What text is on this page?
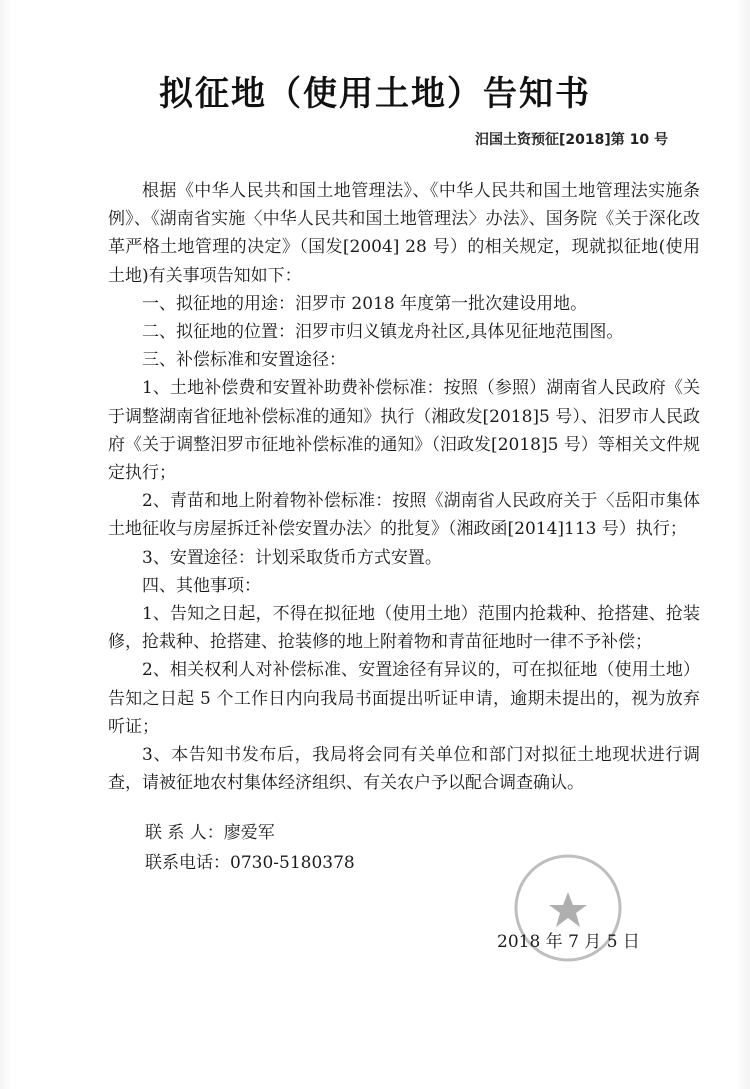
拟征地（使用土地）告知书
汨国土资预征[2018]第 10 号

根据《中华人民共和国土地管理法》、《中华人民共和国土地管理法实施条例》、《湖南省实施〈中华人民共和国土地管理法〉办法》、国务院《关于深化改革严格土地管理的决定》（国发[2004] 28 号）的相关规定，现就拟征地(使用土地)有关事项告知如下：

一、拟征地的用途：汨罗市 2018 年度第一批次建设用地。

二、拟征地的位置：汨罗市归义镇龙舟社区,具体见征地范围图。

三、补偿标准和安置途径：

1、土地补偿费和安置补助费补偿标准：按照（参照）湖南省人民政府《关于调整湖南省征地补偿标准的通知》执行（湘政发[2018]5 号）、汨罗市人民政府《关于调整汨罗市征地补偿标准的通知》（汨政发[2018]5 号）等相关文件规定执行；

2、青苗和地上附着物补偿标准：按照《湖南省人民政府关于〈岳阳市集体土地征收与房屋拆迁补偿安置办法〉的批复》（湘政函[2014]113 号）执行；

3、安置途径：计划采取货币方式安置。

四、其他事项：

1、告知之日起，不得在拟征地（使用土地）范围内抢栽种、抢搭建、抢装修，抢栽种、抢搭建、抢装修的地上附着物和青苗征地时一律不予补偿；

2、相关权利人对补偿标准、安置途径有异议的，可在拟征地（使用土地）告知之日起 5 个工作日内向我局书面提出听证申请，逾期未提出的，视为放弃听证；

3、本告知书发布后，我局将会同有关单位和部门对拟征土地现状进行调查，请被征地农村集体经济组织、有关农户予以配合调查确认。

联 系 人：廖爱军
联系电话：0730-5180378
2018 年 7 月 5 日
